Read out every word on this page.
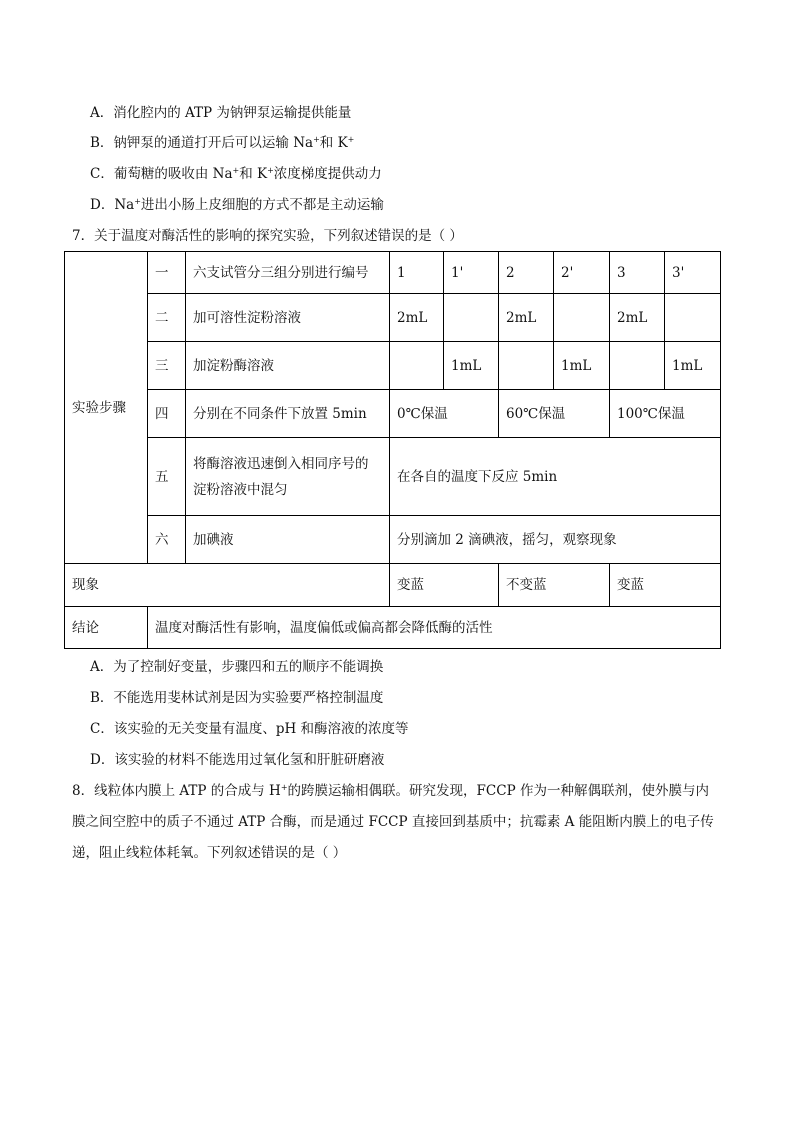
A．消化腔内的 ATP 为钠钾泵运输提供能量
B．钠钾泵的通道打开后可以运输 Na+和 K+
C．葡萄糖的吸收由 Na+和 K+浓度梯度提供动力
D．Na+进出小肠上皮细胞的方式不都是主动运输
7．关于温度对酶活性的影响的探究实验，下列叙述错误的是（ ）
实验步骤	一	六支试管分三组分别进行编号	1	1'	2	2'	3	3'
	二	加可溶性淀粉溶液	2mL		2mL		2mL	
	三	加淀粉酶溶液		1mL		1mL		1mL
	四	分别在不同条件下放置 5min	0℃保温		60℃保温		100℃保温	
	五	将酶溶液迅速倒入相同序号的
淀粉溶液中混匀	在各自的温度下反应 5min					
	六	加碘液	分别滴加 2 滴碘液，摇匀，观察现象					
现象			变蓝		不变蓝		变蓝	
结论	温度对酶活性有影响，温度偏低或偏高都会降低酶的活性							
A．为了控制好变量，步骤四和五的顺序不能调换
B．不能选用斐林试剂是因为实验要严格控制温度
C．该实验的无关变量有温度、pH 和酶溶液的浓度等
D．该实验的材料不能选用过氧化氢和肝脏研磨液
8．线粒体内膜上 ATP 的合成与 H+的跨膜运输相偶联。研究发现，FCCP 作为一种解偶联剂，使外膜与内膜之间空腔中的质子不通过 ATP 合酶，而是通过 FCCP 直接回到基质中；抗霉素 A 能阻断内膜上的电子传递，阻止线粒体耗氧。下列叙述错误的是（ ）
